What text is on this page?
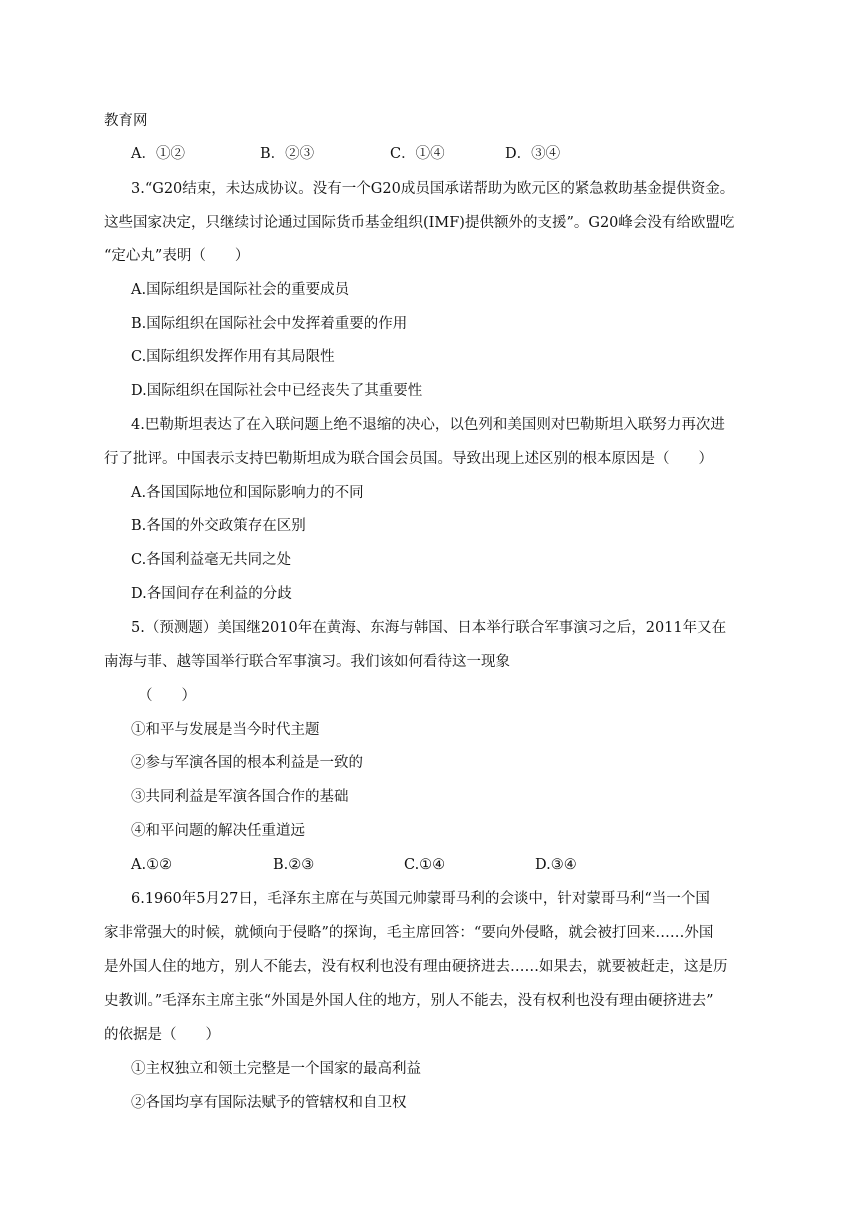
教育网
A．①②	B．②③	C．①④	D．③④
3.“G20结束，未达成协议。没有一个G20成员国承诺帮助为欧元区的紧急救助基金提供资金。
这些国家决定，只继续讨论通过国际货币基金组织(IMF)提供额外的支援”。G20峰会没有给欧盟吃
“定心丸”表明（　　）
A.国际组织是国际社会的重要成员
B.国际组织在国际社会中发挥着重要的作用
C.国际组织发挥作用有其局限性
D.国际组织在国际社会中已经丧失了其重要性
4.巴勒斯坦表达了在入联问题上绝不退缩的决心，以色列和美国则对巴勒斯坦入联努力再次进
行了批评。中国表示支持巴勒斯坦成为联合国会员国。导致出现上述区别的根本原因是（　　）
A.各国国际地位和国际影响力的不同
B.各国的外交政策存在区别
C.各国利益毫无共同之处
D.各国间存在利益的分歧
5.（预测题）美国继2010年在黄海、东海与韩国、日本举行联合军事演习之后，2011年又在
南海与菲、越等国举行联合军事演习。我们该如何看待这一现象
（　　）
①和平与发展是当今时代主题
②参与军演各国的根本利益是一致的
③共同利益是军演各国合作的基础
④和平问题的解决任重道远
A.①②	B.②③	C.①④	D.③④
6.1960年5月27日，毛泽东主席在与英国元帅蒙哥马利的会谈中，针对蒙哥马利“当一个国
家非常强大的时候，就倾向于侵略”的探询，毛主席回答：“要向外侵略，就会被打回来……外国
是外国人住的地方，别人不能去，没有权利也没有理由硬挤进去……如果去，就要被赶走，这是历
史教训。”毛泽东主席主张“外国是外国人住的地方，别人不能去，没有权利也没有理由硬挤进去”
的依据是（　　）
①主权独立和领土完整是一个国家的最高利益
②各国均享有国际法赋予的管辖权和自卫权
